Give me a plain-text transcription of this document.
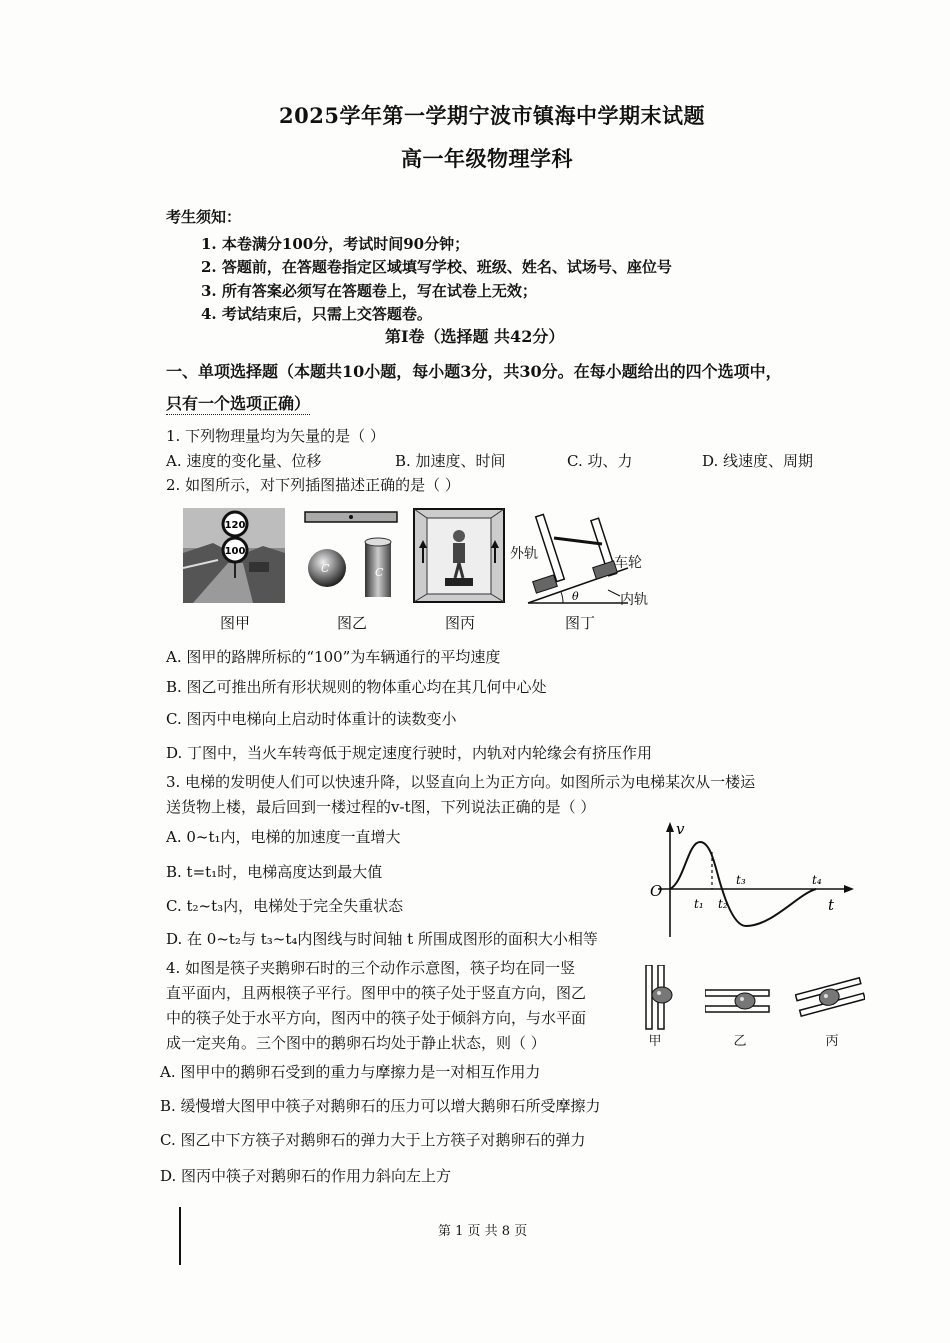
2025学年第一学期宁波市镇海中学期末试题
高一年级物理学科
考生须知：
1. 本卷满分100分，考试时间90分钟；
2. 答题前，在答题卷指定区域填写学校、班级、姓名、试场号、座位号
3. 所有答案必须写在答题卷上，写在试卷上无效；
4. 考试结束后，只需上交答题卷。
第Ⅰ卷（选择题 共42分）
一、单项选择题（本题共10小题，每小题3分，共30分。在每小题给出的四个选项中，
只有一个选项正确）
1. 下列物理量均为矢量的是（ ）
A. 速度的变化量、位移	B. 加速度、时间	C. 功、力	D. 线速度、周期
2. 如图所示，对下列插图描述正确的是（ ）
120
100
图甲
C	C
图乙	图丙
θ
外轨
车轮
内轨
图丁
A. 图甲的路牌所标的“100”为车辆通行的平均速度
B. 图乙可推出所有形状规则的物体重心均在其几何中心处
C. 图丙中电梯向上启动时体重计的读数变小
D. 丁图中，当火车转弯低于规定速度行驶时，内轨对内轮缘会有挤压作用
3. 电梯的发明使人们可以快速升降，以竖直向上为正方向。如图所示为电梯某次从一楼运
送货物上楼，最后回到一楼过程的v-t图，下列说法正确的是（ ）
A. 0~t₁内，电梯的加速度一直增大
B. t=t₁时，电梯高度达到最大值
C. t₂~t₃内，电梯处于完全失重状态
D. 在 0~t₂与 t₃~t₄内图线与时间轴 t 所围成图形的面积大小相等
v
O
t
t₁ t₂
t₃	t₄
4. 如图是筷子夹鹅卵石时的三个动作示意图，筷子均在同一竖
直平面内，且两根筷子平行。图甲中的筷子处于竖直方向，图乙
中的筷子处于水平方向，图丙中的筷子处于倾斜方向，与水平面
成一定夹角。三个图中的鹅卵石均处于静止状态，则（ ）	甲	乙	丙
A. 图甲中的鹅卵石受到的重力与摩擦力是一对相互作用力
B. 缓慢增大图甲中筷子对鹅卵石的压力可以增大鹅卵石所受摩擦力
C. 图乙中下方筷子对鹅卵石的弹力大于上方筷子对鹅卵石的弹力
D. 图丙中筷子对鹅卵石的作用力斜向左上方
第 1 页 共 8 页
